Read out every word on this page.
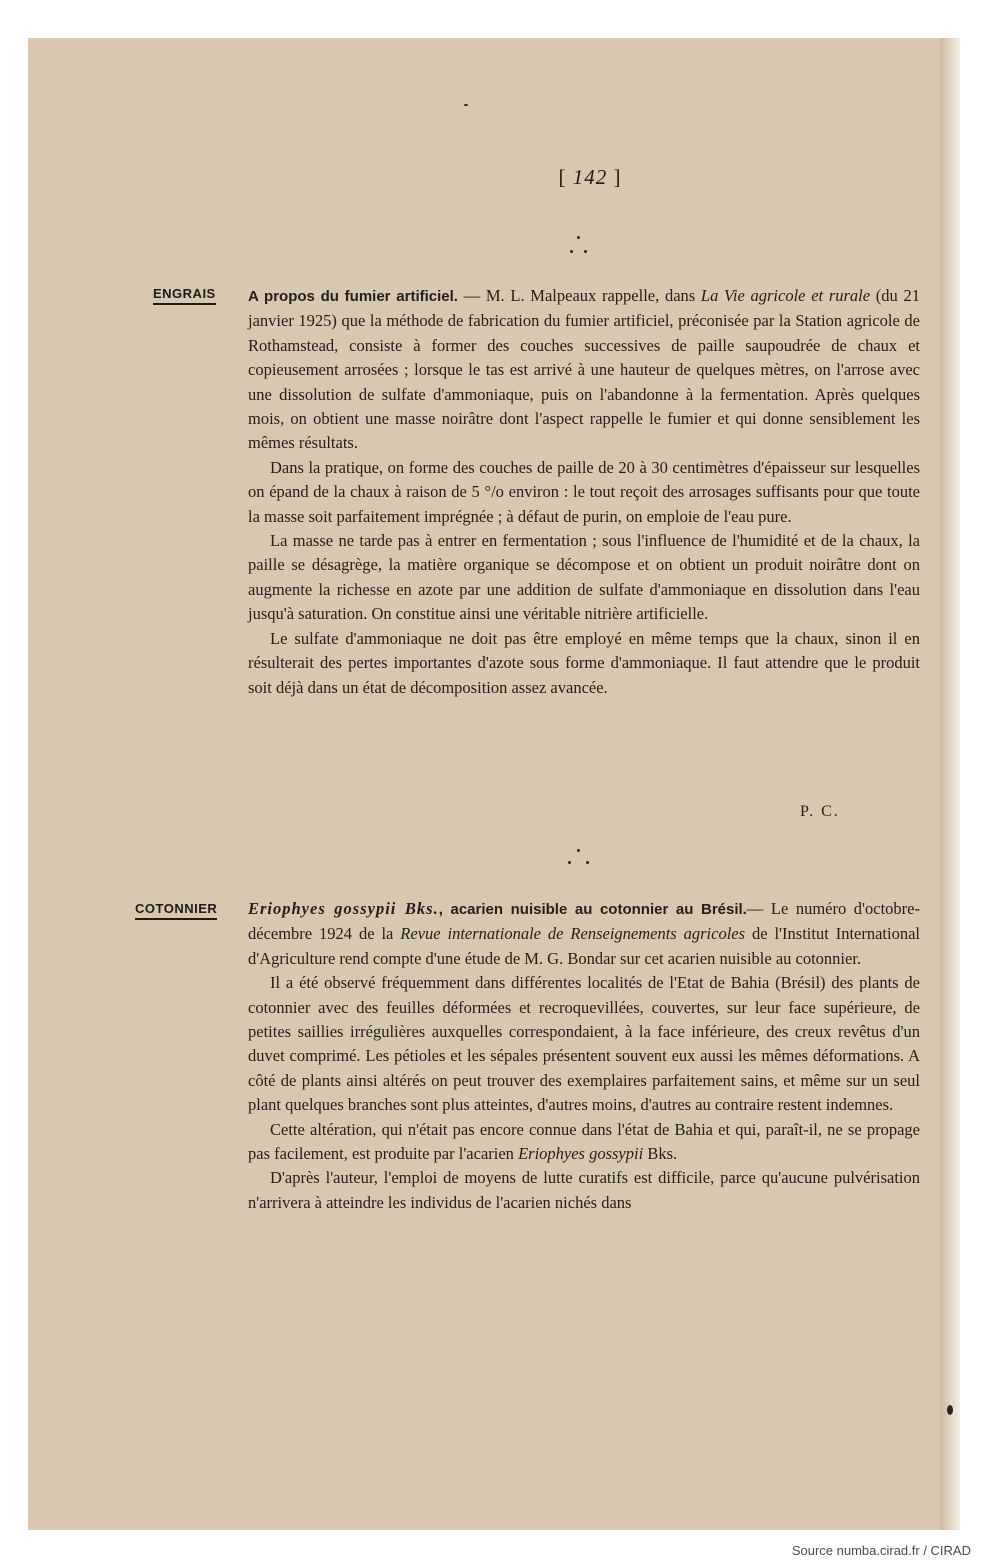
[ 142 ]
ENGRAIS A propos du fumier artificiel. — M. L. Malpeaux rappelle, dans La Vie agricole et rurale (du 21 janvier 1925) que la méthode de fabrication du fumier artificiel, préconisée par la Station agricole de Rothamstead, consiste à former des couches successives de paille saupoudrée de chaux et copieusement arrosées ; lorsque le tas est arrivé à une hauteur de quelques mètres, on l'arrose avec une dissolution de sulfate d'ammoniaque, puis on l'abandonne à la fermentation. Après quelques mois, on obtient une masse noirâtre dont l'aspect rappelle le fumier et qui donne sensiblement les mêmes résultats.

Dans la pratique, on forme des couches de paille de 20 à 30 centimètres d'épaisseur sur lesquelles on épand de la chaux à raison de 5 °/o environ : le tout reçoit des arrosages suffisants pour que toute la masse soit parfaitement imprégnée ; à défaut de purin, on emploie de l'eau pure.

La masse ne tarde pas à entrer en fermentation ; sous l'influence de l'humidité et de la chaux, la paille se désagrège, la matière organique se décompose et on obtient un produit noirâtre dont on augmente la richesse en azote par une addition de sulfate d'ammoniaque en dissolution dans l'eau jusqu'à saturation. On constitue ainsi une véritable nitrière artificielle.

Le sulfate d'ammoniaque ne doit pas être employé en même temps que la chaux, sinon il en résulterait des pertes importantes d'azote sous forme d'ammoniaque. Il faut attendre que le produit soit déjà dans un état de décomposition assez avancée.

P. C.
COTONNIER Eriophyes gossypii Bks., acarien nuisible au cotonnier au Brésil.— Le numéro d'octobre-décembre 1924 de la Revue internationale de Renseignements agricoles de l'Institut International d'Agriculture rend compte d'une étude de M. G. Bondar sur cet acarien nuisible au cotonnier.

Il a été observé fréquemment dans différentes localités de l'Etat de Bahia (Brésil) des plants de cotonnier avec des feuilles déformées et recroquevillées, couvertes, sur leur face supérieure, de petites saillies irrégulières auxquelles correspondaient, à la face inférieure, des creux revêtus d'un duvet comprimé. Les pétioles et les sépales présentent souvent eux aussi les mêmes déformations. A côté de plants ainsi altérés on peut trouver des exemplaires parfaitement sains, et même sur un seul plant quelques branches sont plus atteintes, d'autres moins, d'autres au contraire restent indemnes.

Cette altération, qui n'était pas encore connue dans l'état de Bahia et qui, paraît-il, ne se propage pas facilement, est produite par l'acarien Eriophyes gossypii Bks.

D'après l'auteur, l'emploi de moyens de lutte curatifs est difficile, parce qu'aucune pulvérisation n'arrivera à atteindre les individus de l'acarien nichés dans

Source numba.cirad.fr / CIRAD
